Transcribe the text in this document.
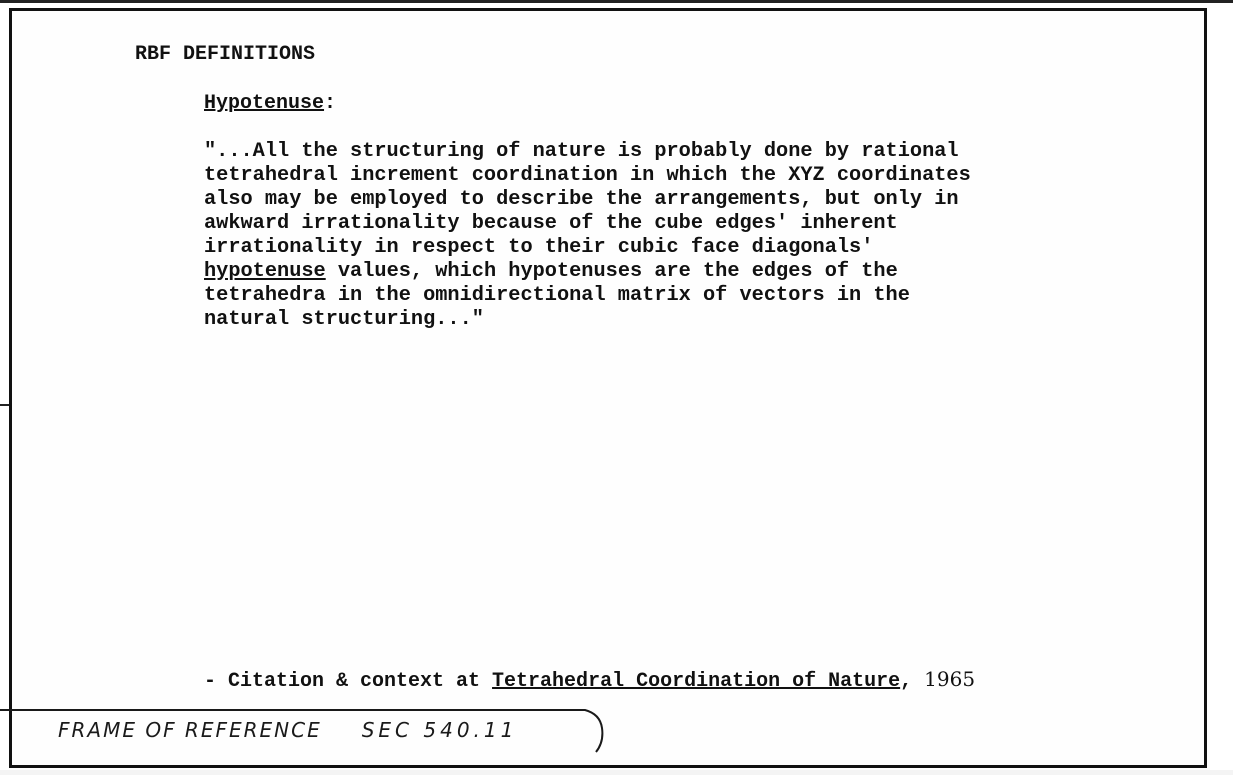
RBF DEFINITIONS
Hypotenuse:
"...All the structuring of nature is probably done by rational
tetrahedral increment coordination in which the XYZ coordinates
also may be employed to describe the arrangements, but only in
awkward irrationality because of the cube edges' inherent
irrationality in respect to their cubic face diagonals'
hypotenuse values, which hypotenuses are the edges of the
tetrahedra in the omnidirectional matrix of vectors in the
natural structuring..."
- Citation & context at Tetrahedral Coordination of Nature, 1965
FRAME OF REFERENCE SEC 540.11
